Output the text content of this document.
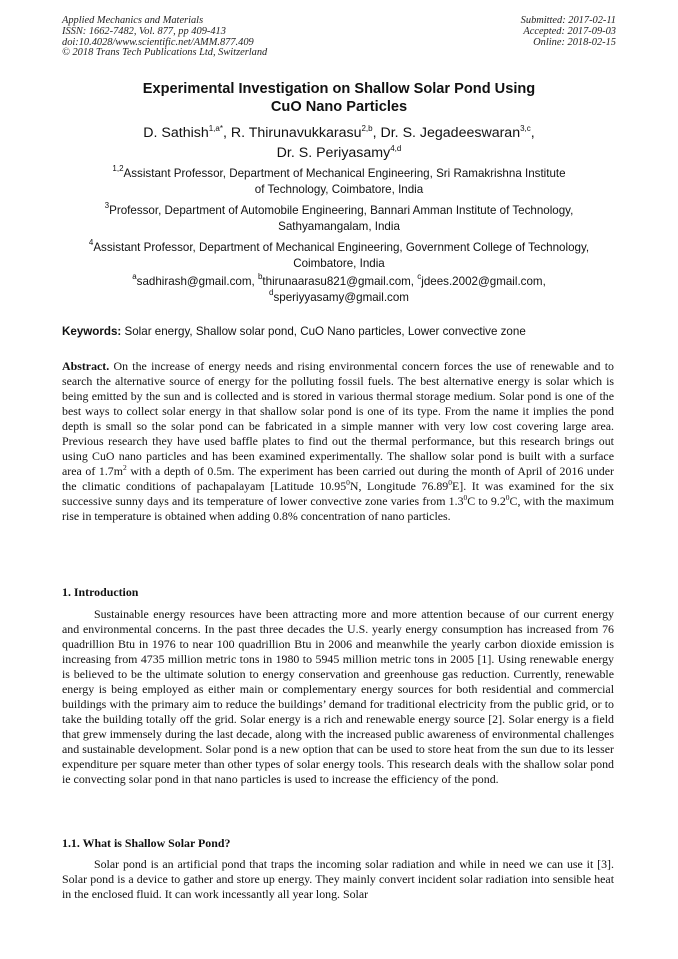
Applied Mechanics and Materials
ISSN: 1662-7482, Vol. 877, pp 409-413
doi:10.4028/www.scientific.net/AMM.877.409
© 2018 Trans Tech Publications Ltd, Switzerland
Submitted: 2017-02-11
Accepted: 2017-09-03
Online: 2018-02-15
Experimental Investigation on Shallow Solar Pond Using
CuO Nano Particles
D. Sathish$^{1,a*}$, R. Thirunavukkarasu$^{2,b}$, Dr. S. Jegadeeswaran$^{3,c}$,
Dr. S. Periyasamy$^{4,d}$
$^{1,2}$Assistant Professor, Department of Mechanical Engineering, Sri Ramakrishna Institute
of Technology, Coimbatore, India
$^3$Professor, Department of Automobile Engineering, Bannari Amman Institute of Technology,
Sathyamangalam, India
$^4$Assistant Professor, Department of Mechanical Engineering, Government College of Technology,
Coimbatore, India
$^a$sadhirash@gmail.com, $^b$thirunaarasu821@gmail.com, $^c$jdees.2002@gmail.com,
$^d$speriyyasamy@gmail.com
Keywords: Solar energy, Shallow solar pond, CuO Nano particles, Lower convective zone
Abstract. On the increase of energy needs and rising environmental concern forces the use of renewable and to search the alternative source of energy for the polluting fossil fuels. The best alternative energy is solar which is being emitted by the sun and is collected and is stored in various thermal storage medium. Solar pond is one of the best ways to collect solar energy in that shallow solar pond is one of its type. From the name it implies the pond depth is small so the solar pond can be fabricated in a simple manner with very low cost covering large area. Previous research they have used baffle plates to find out the thermal performance, but this research brings out using CuO nano particles and has been examined experimentally. The shallow solar pond is built with a surface area of $1.7m^2$ with a depth of 0.5m. The experiment has been carried out during the month of April of 2016 under the climatic conditions of pachapalayam [Latitude 10.95$^0$N, Longitude 76.89$^0$E]. It was examined for the six successive sunny days and its temperature of lower convective zone varies from $1.3^0C$ to $9.2^0C$, with the maximum rise in temperature is obtained when adding 0.8% concentration of nano particles.
1. Introduction
Sustainable energy resources have been attracting more and more attention because of our current energy and environmental concerns. In the past three decades the U.S. yearly energy consumption has increased from 76 quadrillion Btu in 1976 to near 100 quadrillion Btu in 2006 and meanwhile the yearly carbon dioxide emission is increasing from 4735 million metric tons in 1980 to 5945 million metric tons in 2005 [1]. Using renewable energy is believed to be the ultimate solution to energy conservation and greenhouse gas reduction. Currently, renewable energy is being employed as either main or complementary energy sources for both residential and commercial buildings with the primary aim to reduce the buildings’ demand for traditional electricity from the public grid, or to take the building totally off the grid. Solar energy is a rich and renewable energy source [2]. Solar energy is a field that grew immensely during the last decade, along with the increased public awareness of environmental challenges and sustainable development. Solar pond is a new option that can be used to store heat from the sun due to its lesser expenditure per square meter than other types of solar energy tools. This research deals with the shallow solar pond ie convecting solar pond in that nano particles is used to increase the efficiency of the pond.
1.1. What is Shallow Solar Pond?
Solar pond is an artificial pond that traps the incoming solar radiation and while in need we can use it [3]. Solar pond is a device to gather and store up energy. They mainly convert incident solar radiation into sensible heat in the enclosed fluid. It can work incessantly all year long. Solar
